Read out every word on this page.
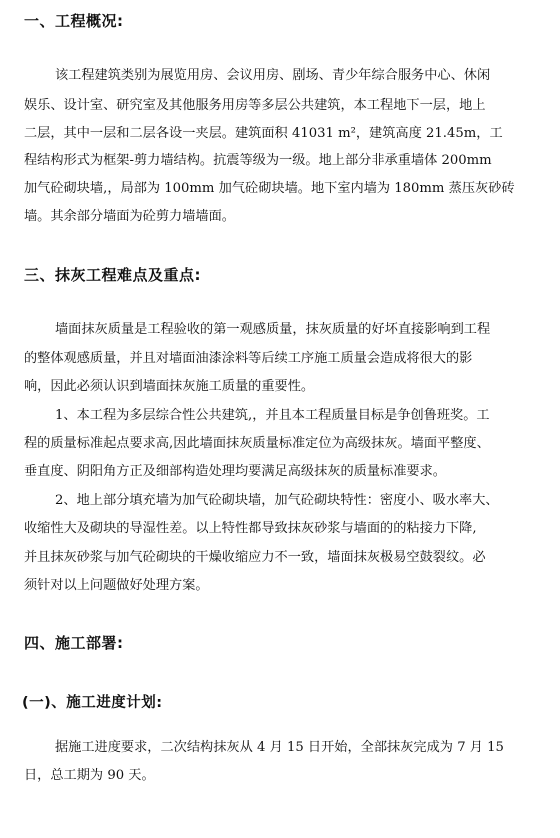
一、工程概况:
该工程建筑类别为展览用房、会议用房、剧场、青少年综合服务中心、休闲
娱乐、设计室、研究室及其他服务用房等多层公共建筑，本工程地下一层，地上
二层，其中一层和二层各设一夹层。建筑面积 41031 m²，建筑高度 21.45m，工
程结构形式为框架-剪力墙结构。抗震等级为一级。地上部分非承重墙体 200mm
加气砼砌块墙,，局部为 100mm 加气砼砌块墙。地下室内墙为 180mm 蒸压灰砂砖
墙。其余部分墙面为砼剪力墙墙面。
三、抹灰工程难点及重点:
墙面抹灰质量是工程验收的第一观感质量，抹灰质量的好坏直接影响到工程
的整体观感质量，并且对墙面油漆涂料等后续工序施工质量会造成将很大的影
响，因此必须认识到墙面抹灰施工质量的重要性。
1、本工程为多层综合性公共建筑,，并且本工程质量目标是争创鲁班奖。工
程的质量标准起点要求高,因此墙面抹灰质量标准定位为高级抹灰。墙面平整度、
垂直度、阴阳角方正及细部构造处理均要满足高级抹灰的质量标准要求。
2、地上部分填充墙为加气砼砌块墙，加气砼砌块特性：密度小、吸水率大、
收缩性大及砌块的导湿性差。以上特性都导致抹灰砂浆与墙面的的粘接力下降,
并且抹灰砂浆与加气砼砌块的干燥收缩应力不一致，墙面抹灰极易空鼓裂纹。必
须针对以上问题做好处理方案。
四、施工部署:
(一)、施工进度计划:
据施工进度要求，二次结构抹灰从 4 月 15 日开始，全部抹灰完成为 7 月 15
日，总工期为 90 天。
